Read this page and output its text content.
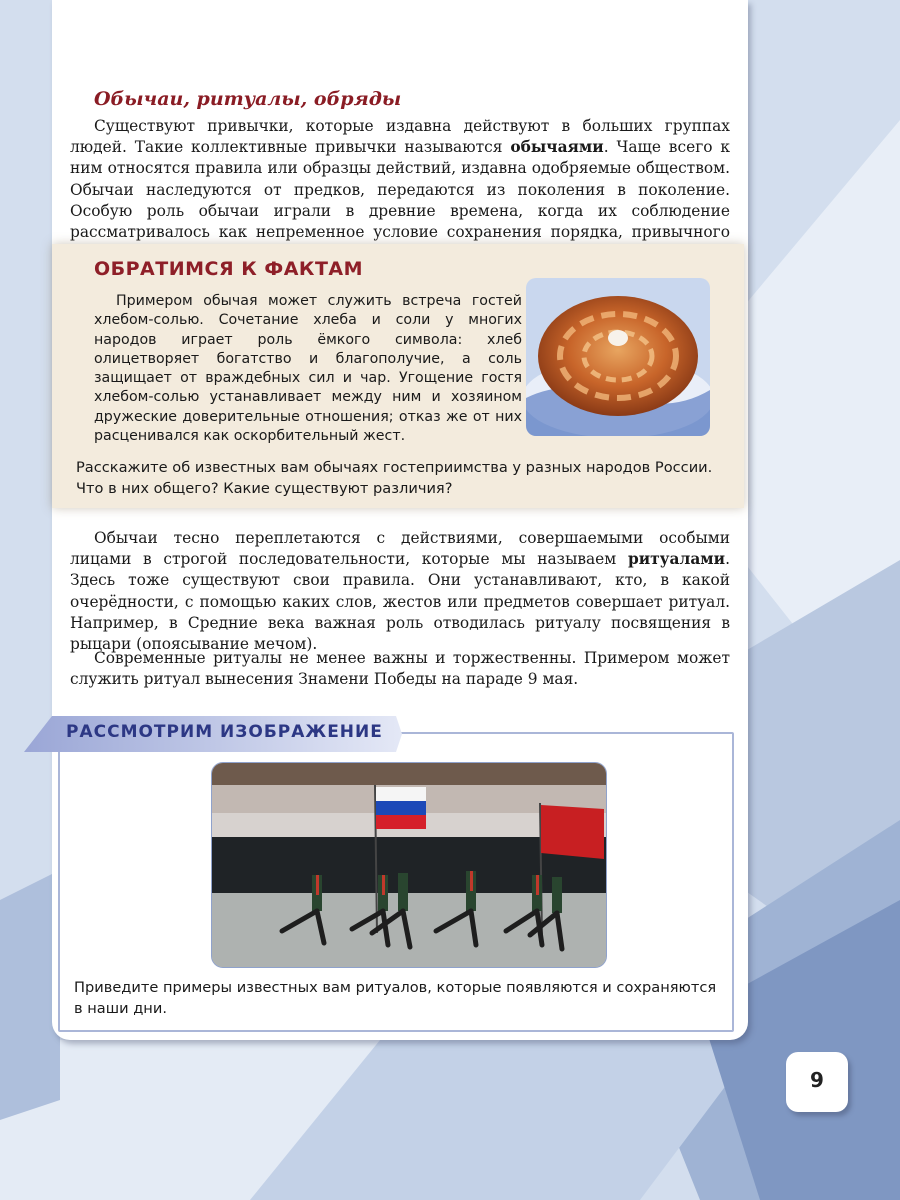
Обычаи, ритуалы, обряды

Существуют привычки, которые издавна действуют в больших группах людей. Такие коллективные привычки называются обычаями. Чаще всего к ним относятся правила или образцы действий, издавна одобряемые обществом. Обычаи наследуются от предков, передаются из поколения в поколение. Особую роль обычаи играли в древние времена, когда их соблюдение рассматривалось как непременное условие сохранения порядка, привычного

ОБРАТИМСЯ К ФАКТАМ

Примером обычая может служить встреча гостей хлебом-солью. Сочетание хлеба и соли у многих народов играет роль ёмкого символа: хлеб олицетворяет богатство и благополучие, а соль защищает от враждебных сил и чар. Угощение гостя хлебом-солью устанавливает между ним и хозяином дружеские доверительные отношения; отказ же от них расценивался как оскорбительный жест.

Расскажите об известных вам обычаях гостеприимства у разных народов России. Что в них общего? Какие существуют различия?

Обычаи тесно переплетаются с действиями, совершаемыми особыми лицами в строгой последовательности, которые мы называем ритуалами. Здесь тоже существуют свои правила. Они устанавливают, кто, в какой очерёдности, с помощью каких слов, жестов или предметов совершает ритуал. Например, в Средние века важная роль отводилась ритуалу посвящения в рыцари (опоясывание мечом).

Современные ритуалы не менее важны и торжественны. Примером может служить ритуал вынесения Знамени Победы на параде 9 мая.

РАССМОТРИМ ИЗОБРАЖЕНИЕ

Приведите примеры известных вам ритуалов, которые появляются и сохраняются в наши дни.

9
